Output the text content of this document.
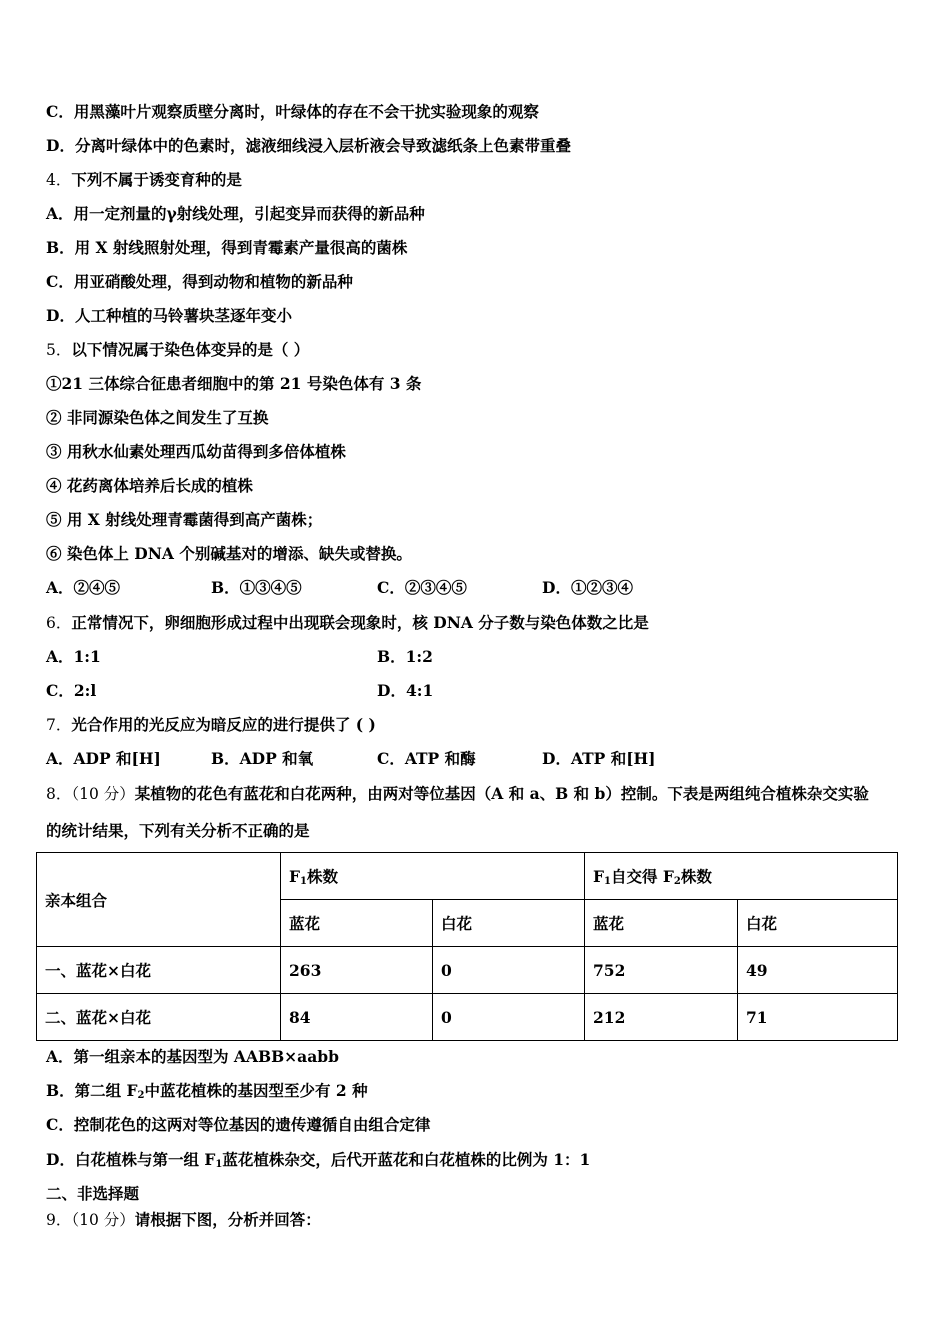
C．用黑藻叶片观察质壁分离时，叶绿体的存在不会干扰实验现象的观察
D．分离叶绿体中的色素时，滤液细线浸入层析液会导致滤纸条上色素带重叠
4．下列不属于诱变育种的是
A．用一定剂量的γ射线处理，引起变异而获得的新品种
B．用 X 射线照射处理，得到青霉素产量很高的菌株
C．用亚硝酸处理，得到动物和植物的新品种
D．人工种植的马铃薯块茎逐年变小
5．以下情况属于染色体变异的是（ ）
①21 三体综合征患者细胞中的第 21 号染色体有 3 条
② 非同源染色体之间发生了互换
③ 用秋水仙素处理西瓜幼苗得到多倍体植株
④ 花药离体培养后长成的植株
⑤ 用 X 射线处理青霉菌得到高产菌株；
⑥ 染色体上 DNA 个别碱基对的增添、缺失或替换。
A．②④⑤	B．①③④⑤	C．②③④⑤	D．①②③④
6．正常情况下，卵细胞形成过程中出现联会现象时，核 DNA 分子数与染色体数之比是
A．1:1	B．1:2
C．2:l	D．4:1
7．光合作用的光反应为暗反应的进行提供了 ( )
A．ADP 和[H]	B．ADP 和氧	C．ATP 和酶	D．ATP 和[H]
8．（10 分）某植物的花色有蓝花和白花两种，由两对等位基因（A 和 a、B 和 b）控制。下表是两组纯合植株杂交实验
的统计结果，下列有关分析不正确的是
亲本组合	$F_1$株数		$F_1$自交得 $F_2$株数	
	蓝花	白花	蓝花	白花
一、蓝花×白花	263	0	752	49
二、蓝花×白花	84	0	212	71
A．第一组亲本的基因型为 AABB×aabb
B．第二组 $F_2$中蓝花植株的基因型至少有 2 种
C．控制花色的这两对等位基因的遗传遵循自由组合定律
D．白花植株与第一组 $F_1$蓝花植株杂交，后代开蓝花和白花植株的比例为 1：1
二、非选择题
9．（10 分）请根据下图，分析并回答：
